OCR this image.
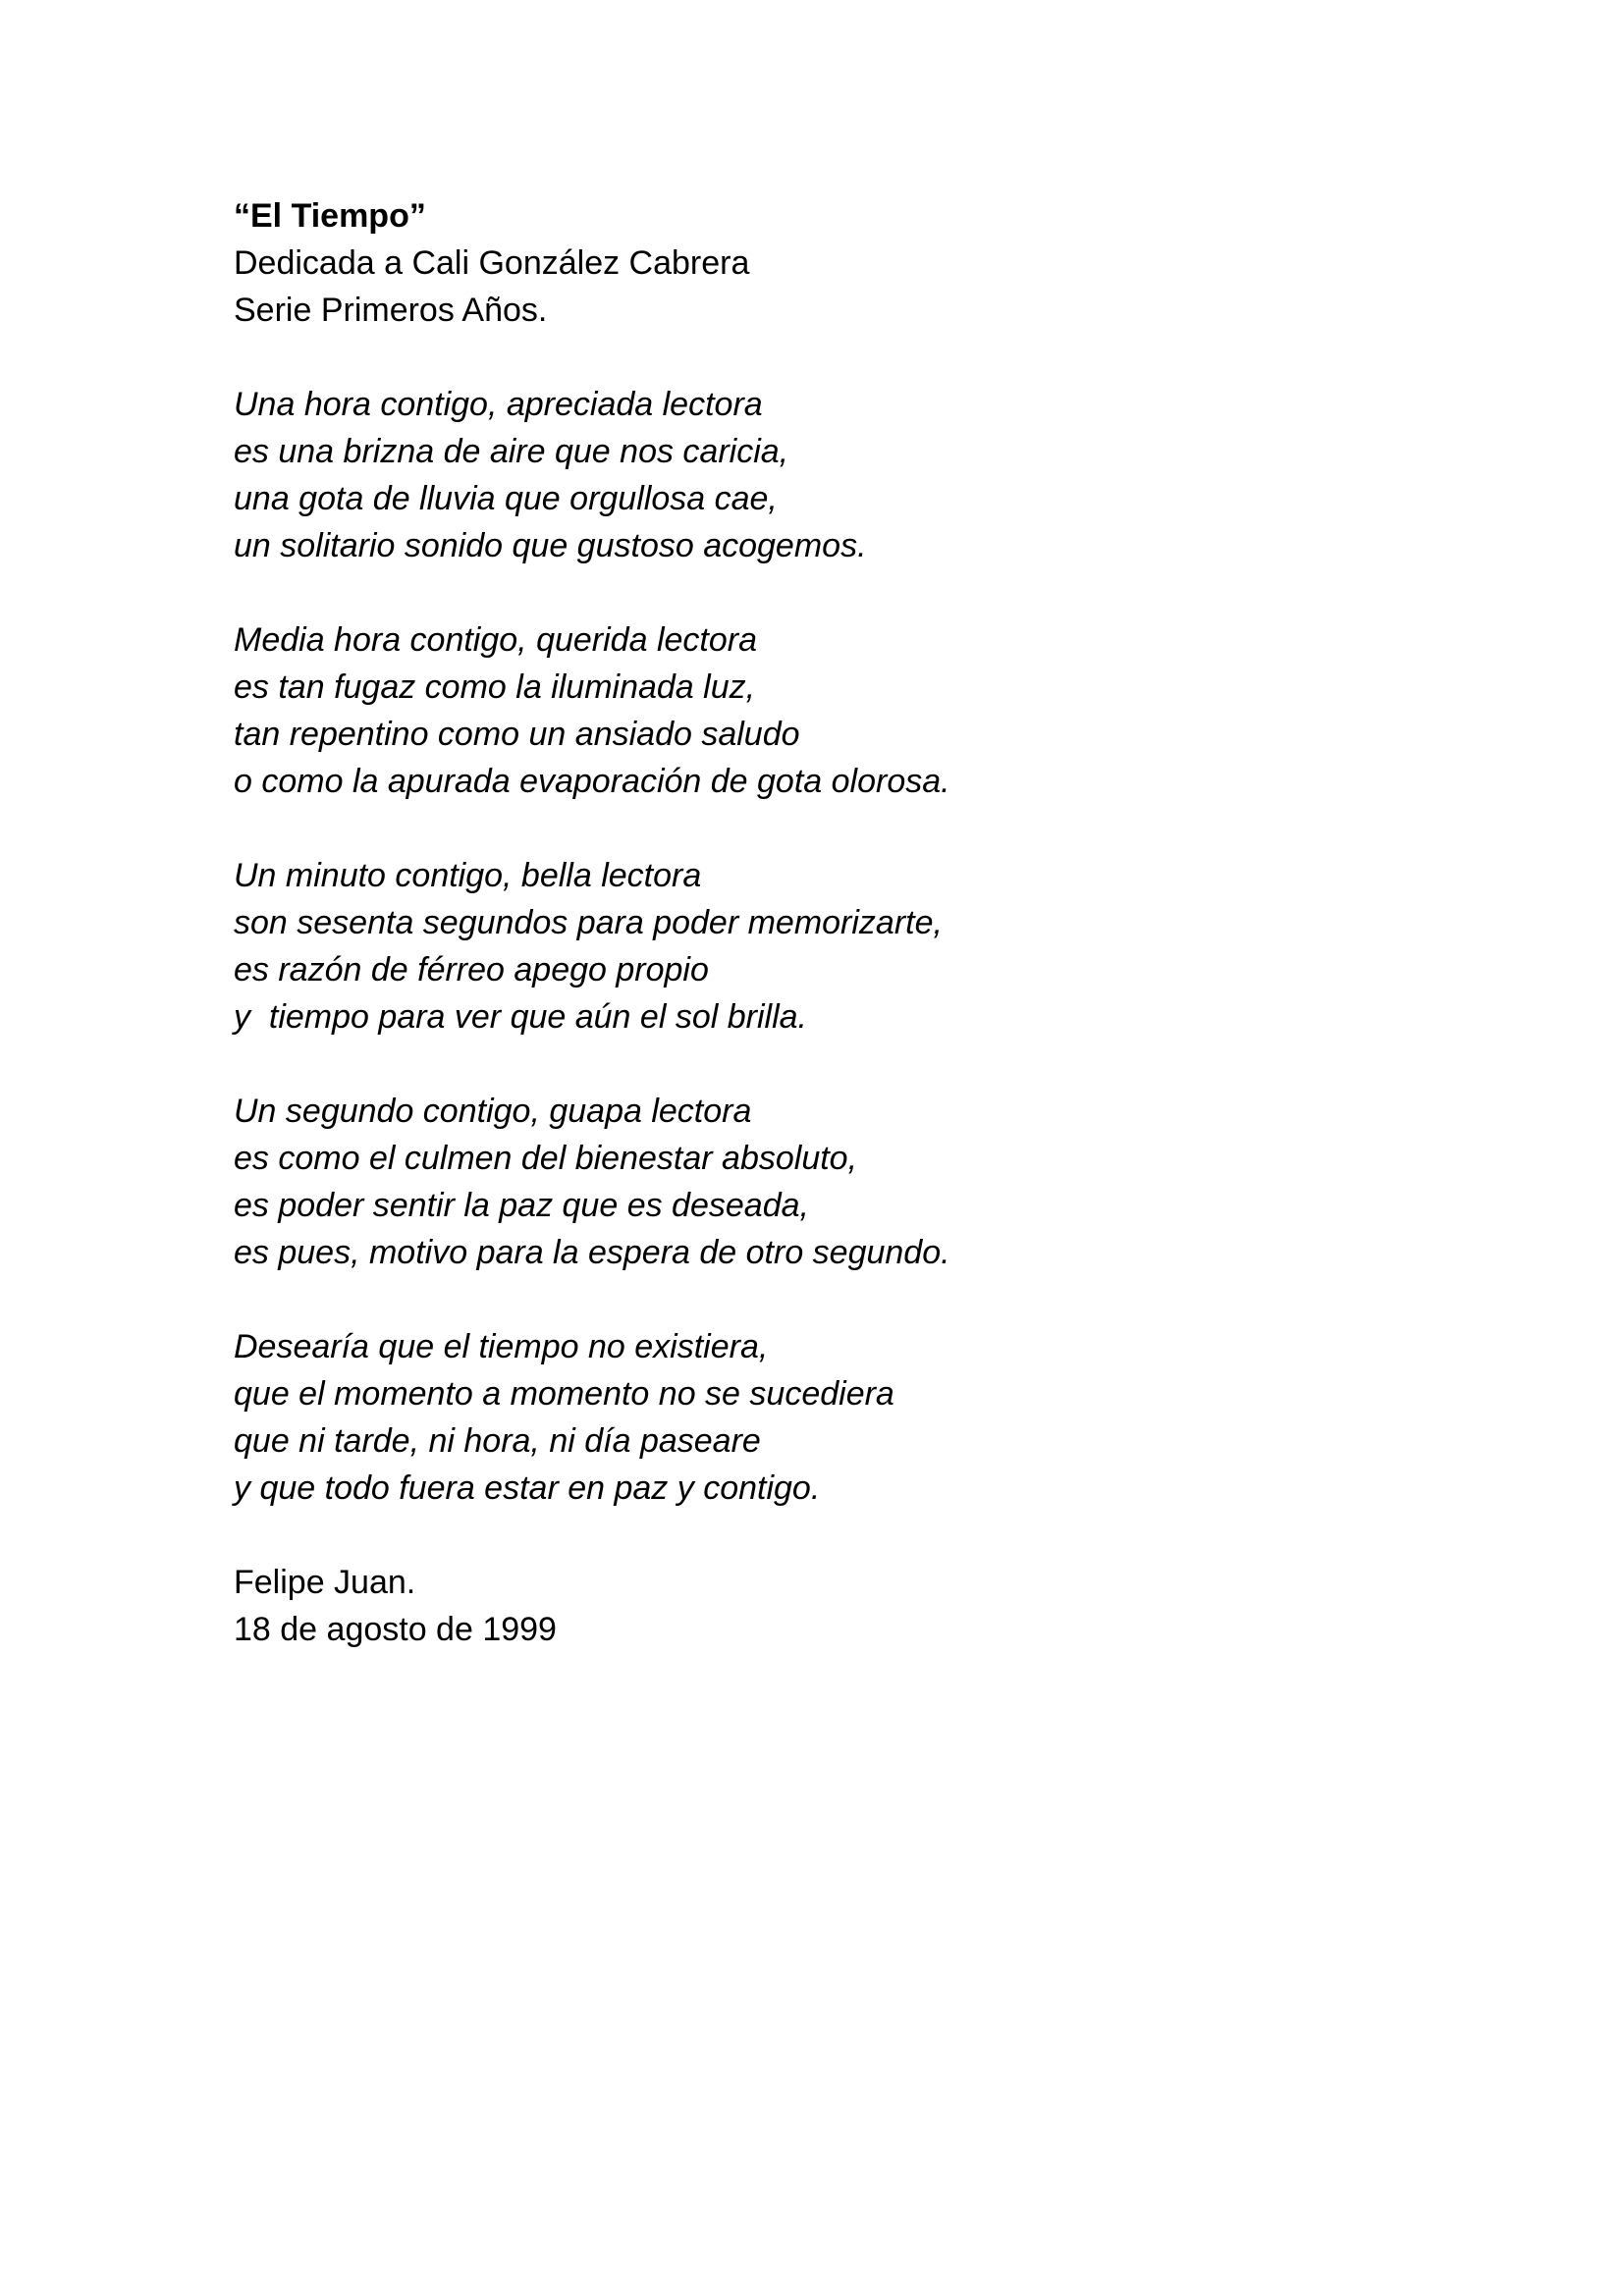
“El Tiempo”
Dedicada a Cali González Cabrera
Serie Primeros Años.
Una hora contigo, apreciada lectora
es una brizna de aire que nos caricia,
una gota de lluvia que orgullosa cae,
un solitario sonido que gustoso acogemos.
Media hora contigo, querida lectora
es tan fugaz como la iluminada luz,
tan repentino como un ansiado saludo
o como la apurada evaporación de gota olorosa.
Un minuto contigo, bella lectora
son sesenta segundos para poder memorizarte,
es razón de férreo apego propio
y  tiempo para ver que aún el sol brilla.
Un segundo contigo, guapa lectora
es como el culmen del bienestar absoluto,
es poder sentir la paz que es deseada,
es pues, motivo para la espera de otro segundo.
Desearía que el tiempo no existiera,
que el momento a momento no se sucediera
que ni tarde, ni hora, ni día paseare
y que todo fuera estar en paz y contigo.
Felipe Juan.
18 de agosto de 1999
